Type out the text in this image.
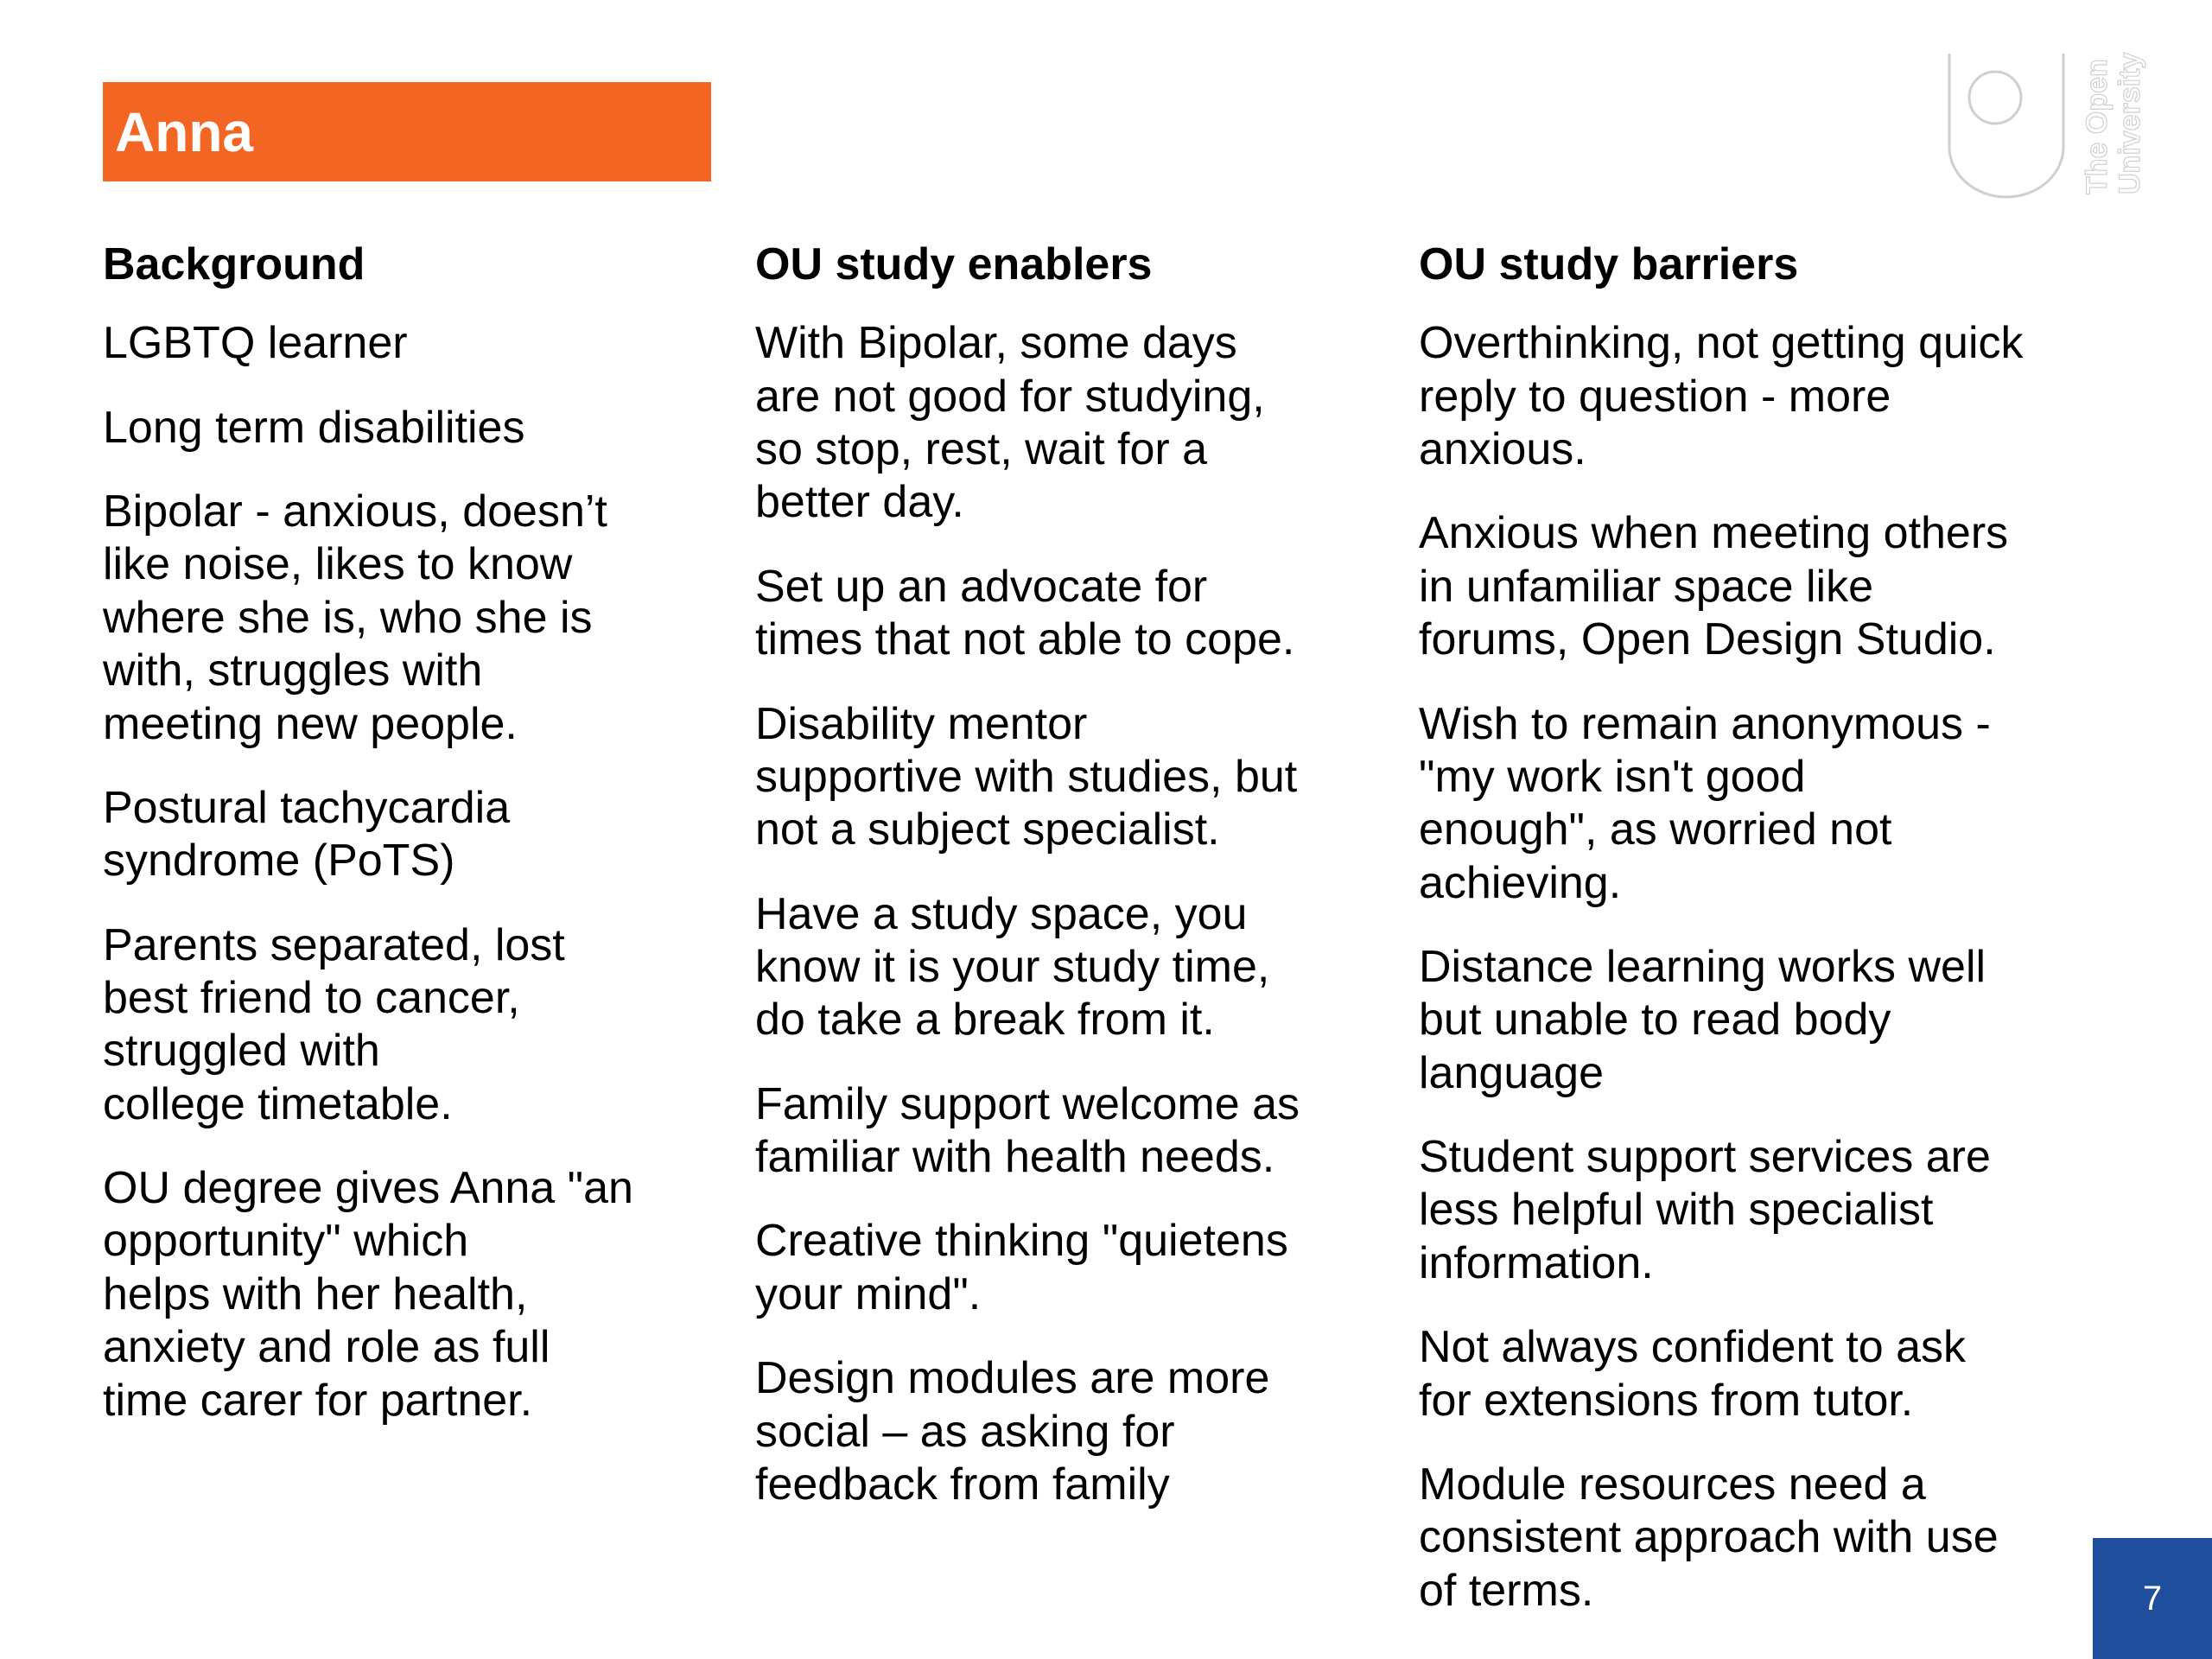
Anna	The Open University
Background

LGBTQ learner

Long term disabilities

Bipolar - anxious, doesn’t
like noise, likes to know
where she is, who she is
with, struggles with
meeting new people.

Postural tachycardia
syndrome (PoTS)

Parents separated, lost
best friend to cancer,
struggled with
college timetable.

OU degree gives Anna "an
opportunity" which
helps with her health,
anxiety and role as full
time carer for partner.

OU study enablers

With Bipolar, some days
are not good for studying,
so stop, rest, wait for a
better day.

Set up an advocate for
times that not able to cope.

Disability mentor
supportive with studies, but
not a subject specialist.

Have a study space, you
know it is your study time,
do take a break from it.

Family support welcome as
familiar with health needs.

Creative thinking "quietens
your mind".

Design modules are more
social – as asking for
feedback from family

OU study barriers

Overthinking, not getting quick
reply to question - more
anxious.

Anxious when meeting others
in unfamiliar space like
forums, Open Design Studio.

Wish to remain anonymous -
"my work isn't good
enough", as worried not
achieving.

Distance learning works well
but unable to read body
language

Student support services are
less helpful with specialist
information.

Not always confident to ask
for extensions from tutor.

Module resources need a
consistent approach with use
of terms.	7
